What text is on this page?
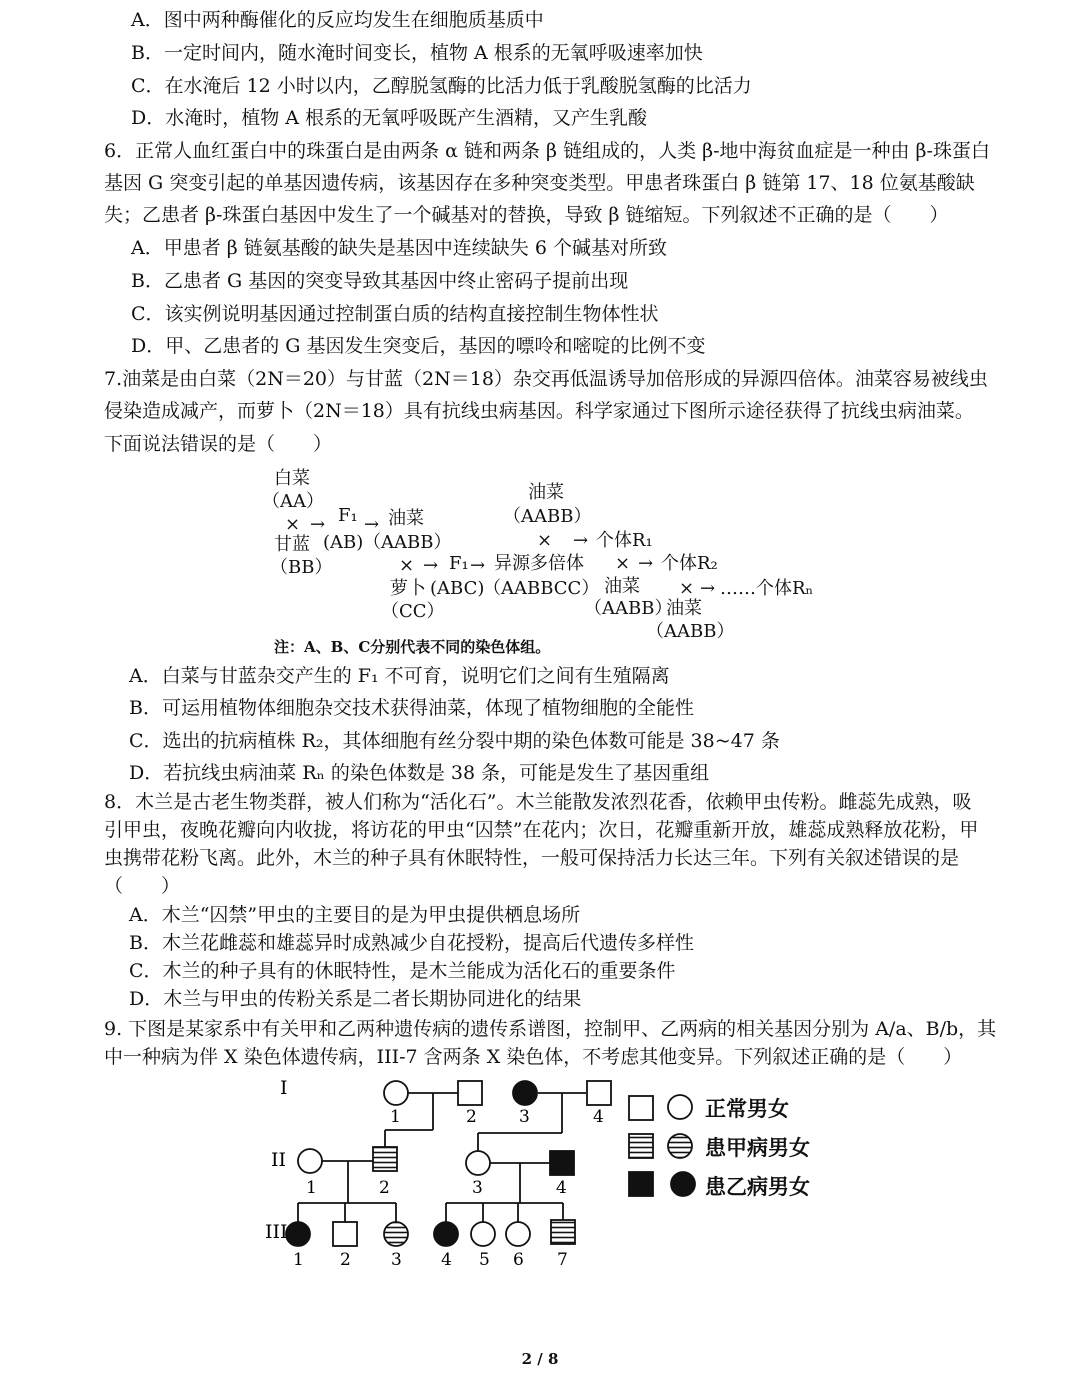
A．图中两种酶催化的反应均发生在细胞质基质中
B．一定时间内，随水淹时间变长，植物 A 根系的无氧呼吸速率加快
C．在水淹后 12 小时以内，乙醇脱氢酶的比活力低于乳酸脱氢酶的比活力
D．水淹时，植物 A 根系的无氧呼吸既产生酒精，又产生乳酸
6．正常人血红蛋白中的珠蛋白是由两条 α 链和两条 β 链组成的，人类 β-地中海贫血症是一种由 β-珠蛋白
基因 G 突变引起的单基因遗传病，该基因存在多种突变类型。甲患者珠蛋白 β 链第 17、18 位氨基酸缺
失；乙患者 β-珠蛋白基因中发生了一个碱基对的替换，导致 β 链缩短。下列叙述不正确的是（　　）
A．甲患者 β 链氨基酸的缺失是基因中连续缺失 6 个碱基对所致
B．乙患者 G 基因的突变导致其基因中终止密码子提前出现
C．该实例说明基因通过控制蛋白质的结构直接控制生物体性状
D．甲、乙患者的 G 基因发生突变后，基因的嘌呤和嘧啶的比例不变
7.油菜是由白菜（2N＝20）与甘蓝（2N＝18）杂交再低温诱导加倍形成的异源四倍体。油菜容易被线虫
侵染造成减产，而萝卜（2N＝18）具有抗线虫病基因。科学家通过下图所示途径获得了抗线虫病油菜。
下面说法错误的是（　　）
白菜
（AA）
× →
甘蓝
（BB）
F₁
(AB)
→ 油菜
（AABB）
油菜
（AABB）
× → 个体R₁
× → F₁ → 异源多倍体 × → 个体R₂
萝卜 (ABC)
（AABBCC） 油菜 × → ……个体Rₙ
（CC）	（AABB）
油菜
（AABB）
注：A、B、C分别代表不同的染色体组。
A．白菜与甘蓝杂交产生的 F₁ 不可育，说明它们之间有生殖隔离
B．可运用植物体细胞杂交技术获得油菜，体现了植物细胞的全能性
C．选出的抗病植株 R₂，其体细胞有丝分裂中期的染色体数可能是 38~47 条
D．若抗线虫病油菜 Rₙ 的染色体数是 38 条，可能是发生了基因重组
8．木兰是古老生物类群，被人们称为“活化石”。木兰能散发浓烈花香，依赖甲虫传粉。雌蕊先成熟，吸
引甲虫，夜晚花瓣向内收拢，将访花的甲虫“囚禁”在花内；次日，花瓣重新开放，雄蕊成熟释放花粉，甲
虫携带花粉飞离。此外，木兰的种子具有休眠特性，一般可保持活力长达三年。下列有关叙述错误的是
（　　）
A．木兰“囚禁”甲虫的主要目的是为甲虫提供栖息场所
B．木兰花雌蕊和雄蕊异时成熟减少自花授粉，提高后代遗传多样性
C．木兰的种子具有的休眠特性，是木兰能成为活化石的重要条件
D．木兰与甲虫的传粉关系是二者长期协同进化的结果
9. 下图是某家系中有关甲和乙两种遗传病的遗传系谱图，控制甲、乙两病的相关基因分别为 A/a、B/b，其
中一种病为伴 X 染色体遗传病，III-7 含两条 X 染色体，不考虑其他变异。下列叙述正确的是（　　）
I
II
III
1	2 3	4
1	2	3	4
1 2 3 4 5 6 7
正常男女
患甲病男女
患乙病男女
2 / 8
